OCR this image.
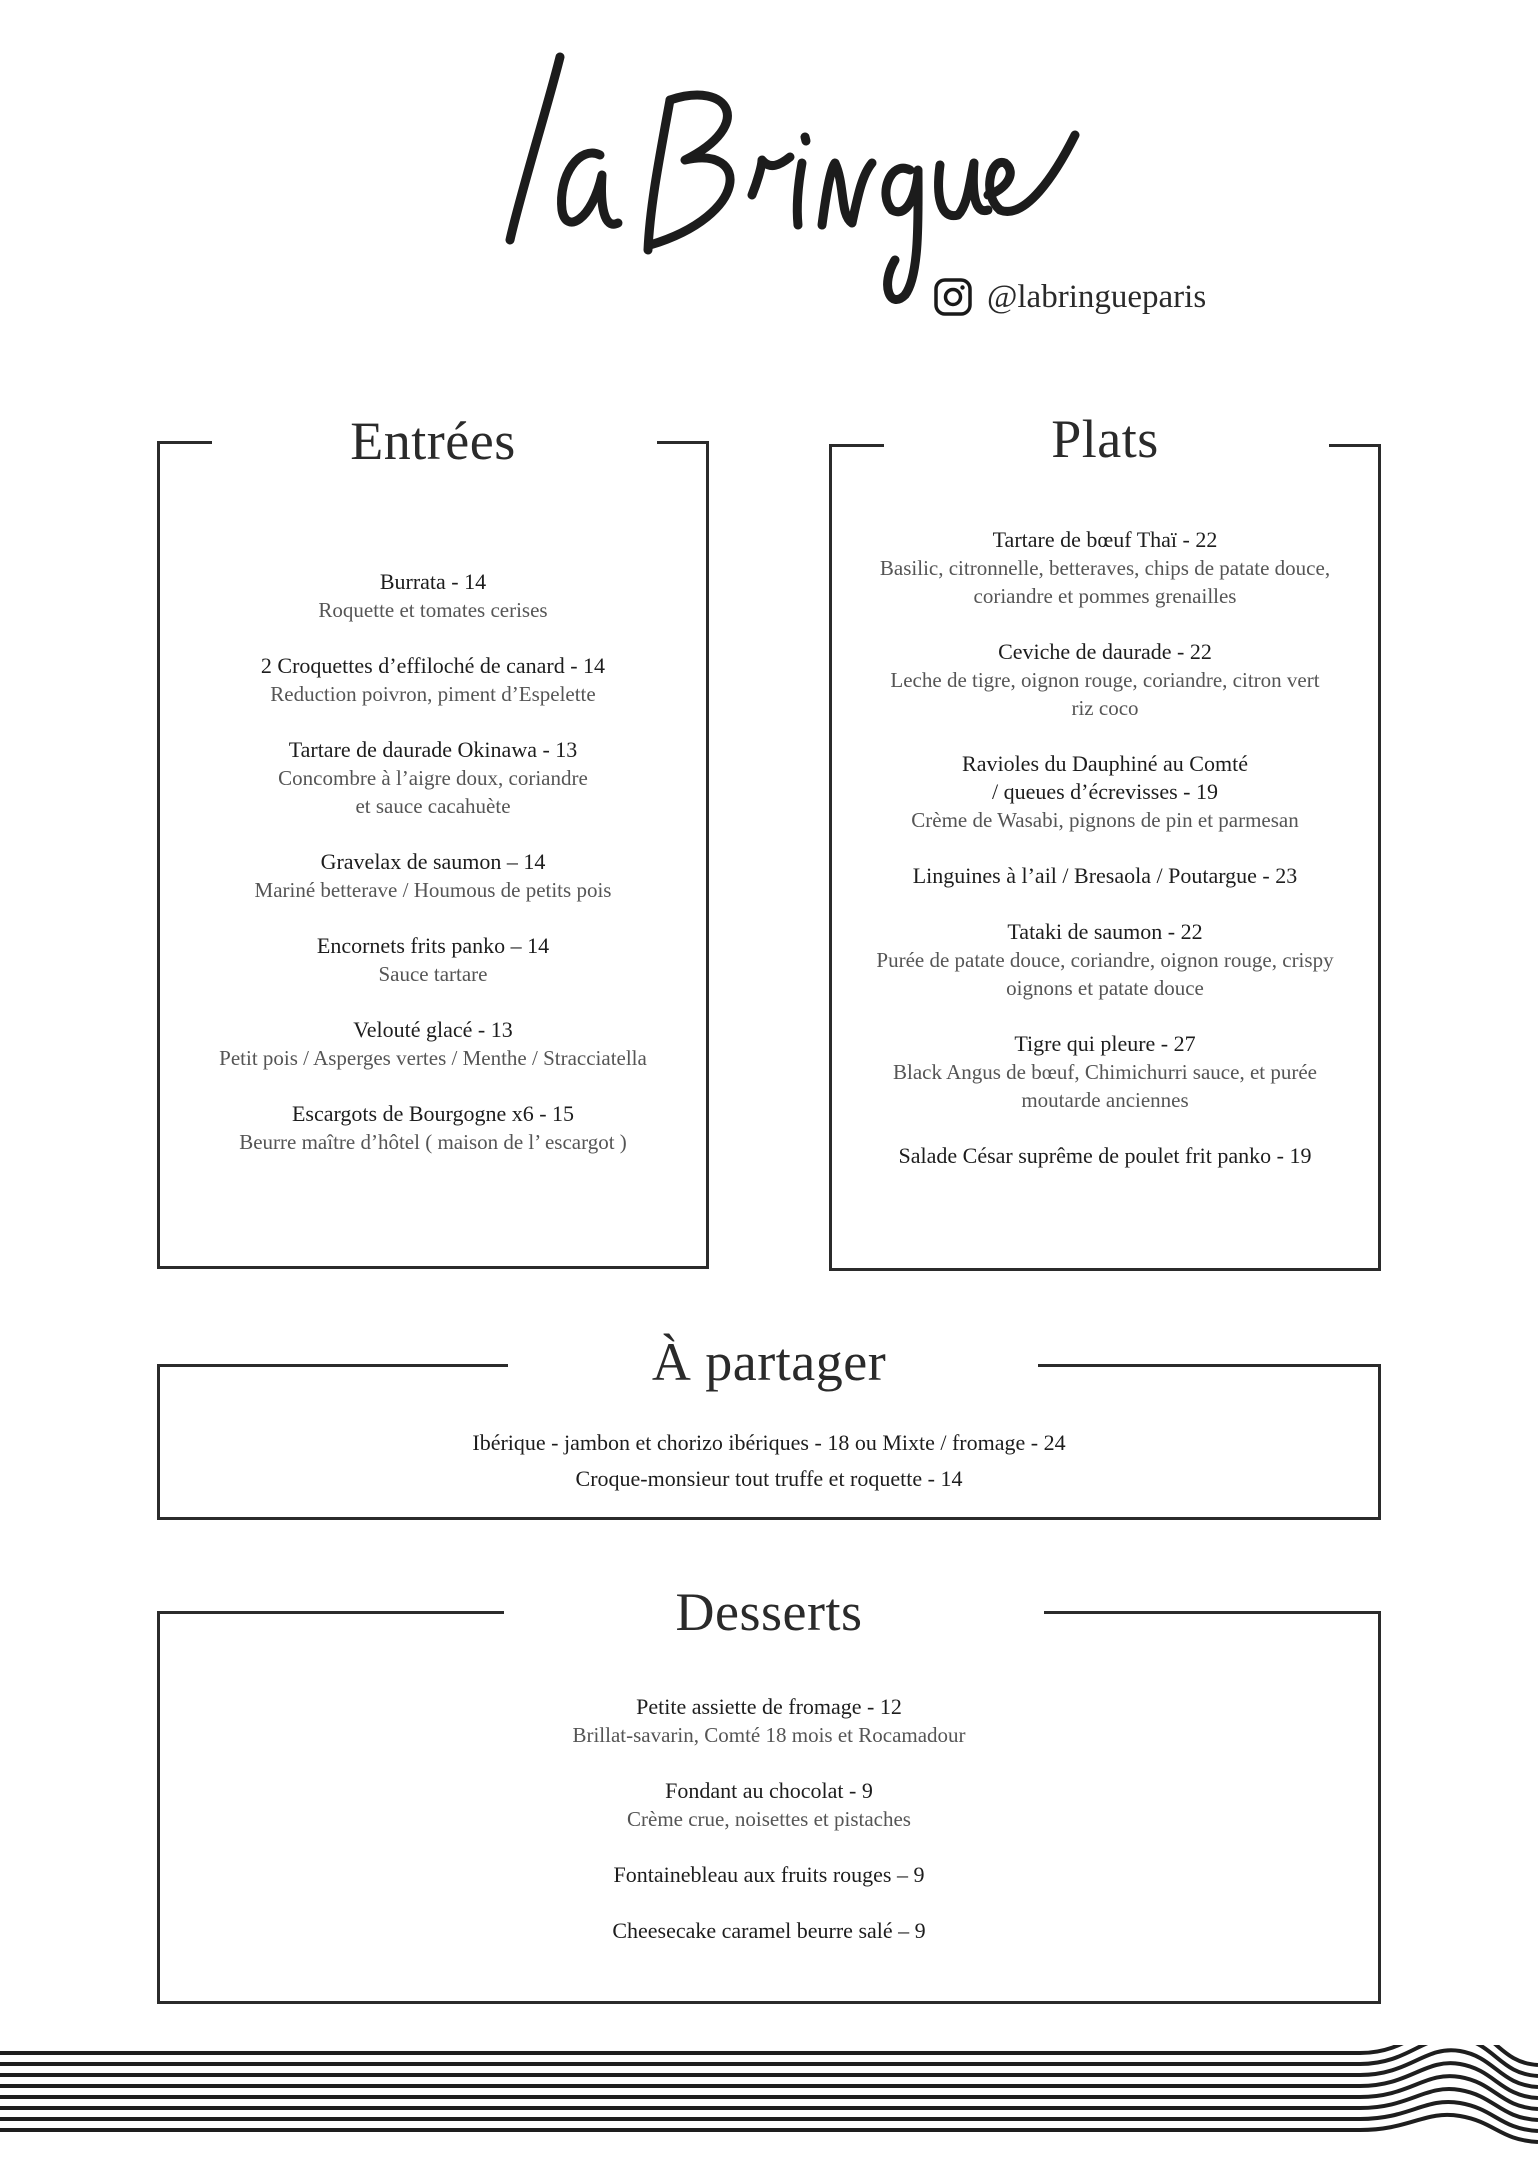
@labringueparis
Entrées
Burrata - 14
Roquette et tomates cerises
2 Croquettes d’effiloché de canard - 14
Reduction poivron, piment d’Espelette
Tartare de daurade Okinawa - 13
Concombre à l’aigre doux, coriandre
et sauce cacahuète
Gravelax de saumon – 14
Mariné betterave / Houmous de petits pois
Encornets frits panko – 14
Sauce tartare
Velouté glacé - 13
Petit pois / Asperges vertes / Menthe / Stracciatella
Escargots de Bourgogne x6 - 15
Beurre maître d’hôtel ( maison de l’ escargot )
Plats
Tartare de bœuf Thaï - 22
Basilic, citronnelle, betteraves, chips de patate douce,
coriandre et pommes grenailles
Ceviche de daurade - 22
Leche de tigre, oignon rouge, coriandre, citron vert
riz coco
Ravioles du Dauphiné au Comté
/ queues d’écrevisses - 19
Crème de Wasabi, pignons de pin et parmesan
Linguines à l’ail / Bresaola / Poutargue - 23
Tataki de saumon - 22
Purée de patate douce, coriandre, oignon rouge, crispy
oignons et patate douce
Tigre qui pleure - 27
Black Angus de bœuf, Chimichurri sauce, et purée
moutarde anciennes
Salade César suprême de poulet frit panko - 19
À partager
Ibérique - jambon et chorizo ibériques - 18 ou Mixte / fromage - 24
Croque-monsieur tout truffe et roquette - 14
Desserts
Petite assiette de fromage - 12
Brillat-savarin, Comté 18 mois et Rocamadour
Fondant au chocolat - 9
Crème crue, noisettes et pistaches
Fontainebleau aux fruits rouges – 9
Cheesecake caramel beurre salé – 9
